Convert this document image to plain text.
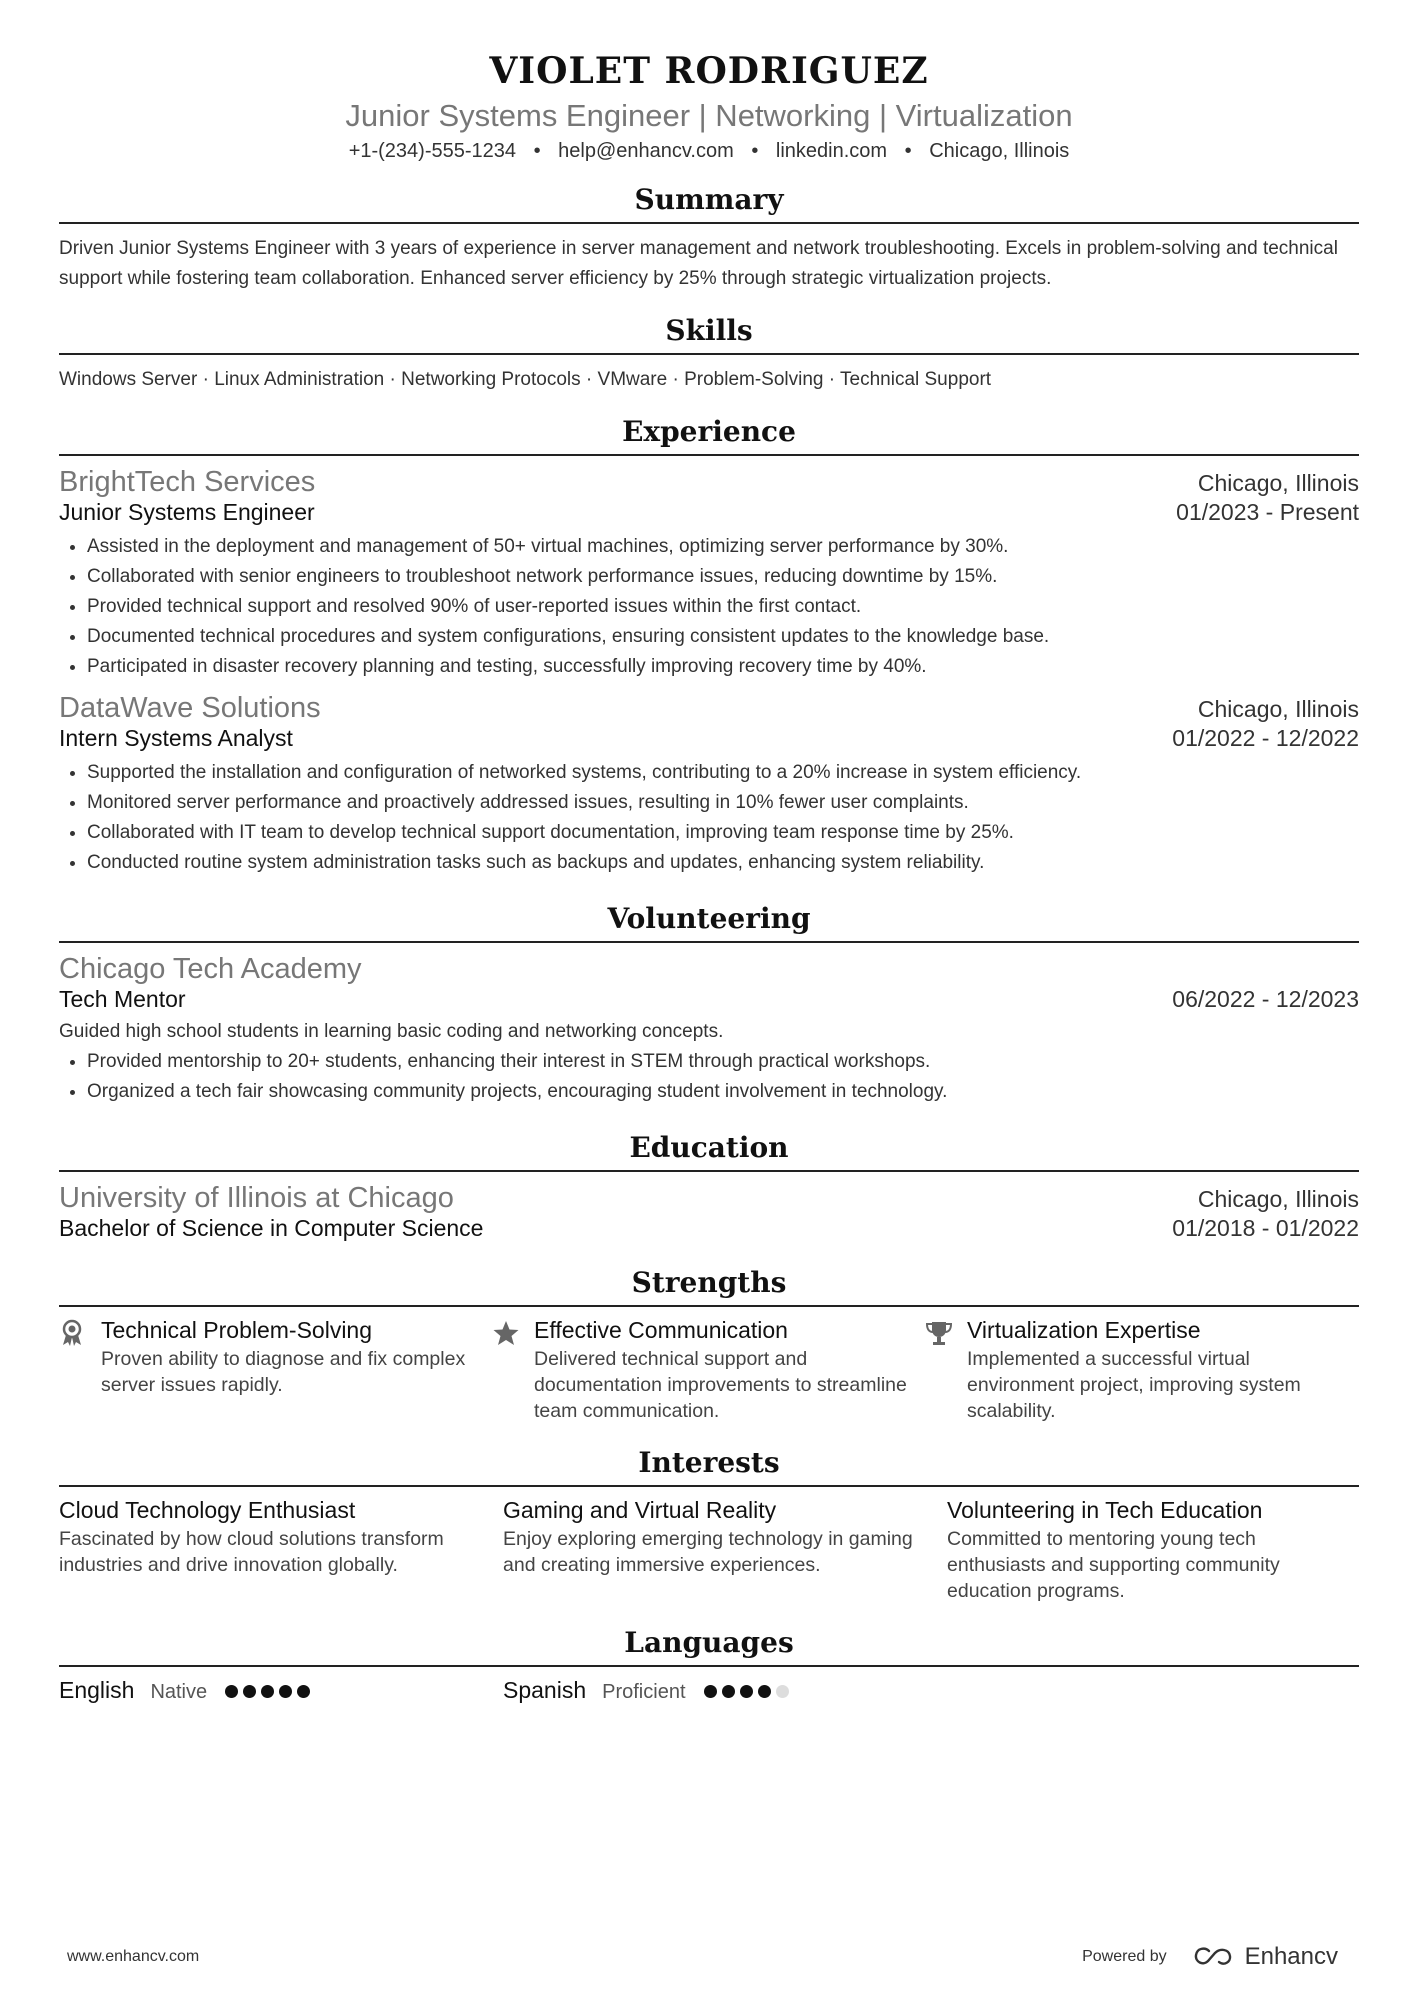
VIOLET RODRIGUEZ
Junior Systems Engineer | Networking | Virtualization
+1-(234)-555-1234 • help@enhancv.com • linkedin.com • Chicago, Illinois
Summary
Driven Junior Systems Engineer with 3 years of experience in server management and network troubleshooting. Excels in problem-solving and technical support while fostering team collaboration. Enhanced server efficiency by 25% through strategic virtualization projects.
Skills
Windows Server · Linux Administration · Networking Protocols · VMware · Problem-Solving · Technical Support
Experience
BrightTech Services	Chicago, Illinois
Junior Systems Engineer	01/2023 - Present
• Assisted in the deployment and management of 50+ virtual machines, optimizing server performance by 30%.
• Collaborated with senior engineers to troubleshoot network performance issues, reducing downtime by 15%.
• Provided technical support and resolved 90% of user-reported issues within the first contact.
• Documented technical procedures and system configurations, ensuring consistent updates to the knowledge base.
• Participated in disaster recovery planning and testing, successfully improving recovery time by 40%.
DataWave Solutions	Chicago, Illinois
Intern Systems Analyst	01/2022 - 12/2022
• Supported the installation and configuration of networked systems, contributing to a 20% increase in system efficiency.
• Monitored server performance and proactively addressed issues, resulting in 10% fewer user complaints.
• Collaborated with IT team to develop technical support documentation, improving team response time by 25%.
• Conducted routine system administration tasks such as backups and updates, enhancing system reliability.
Volunteering
Chicago Tech Academy
Tech Mentor	06/2022 - 12/2023
Guided high school students in learning basic coding and networking concepts.
• Provided mentorship to 20+ students, enhancing their interest in STEM through practical workshops.
• Organized a tech fair showcasing community projects, encouraging student involvement in technology.
Education
University of Illinois at Chicago	Chicago, Illinois
Bachelor of Science in Computer Science	01/2018 - 01/2022
Strengths
Technical Problem-Solving
Proven ability to diagnose and fix complex server issues rapidly.
Effective Communication
Delivered technical support and documentation improvements to streamline team communication.
Virtualization Expertise
Implemented a successful virtual environment project, improving system scalability.
Interests
Cloud Technology Enthusiast
Fascinated by how cloud solutions transform industries and drive innovation globally.
Gaming and Virtual Reality
Enjoy exploring emerging technology in gaming and creating immersive experiences.
Volunteering in Tech Education
Committed to mentoring young tech enthusiasts and supporting community education programs.
Languages
English Native	Spanish Proficient
www.enhancv.com	Powered by	Enhancv
